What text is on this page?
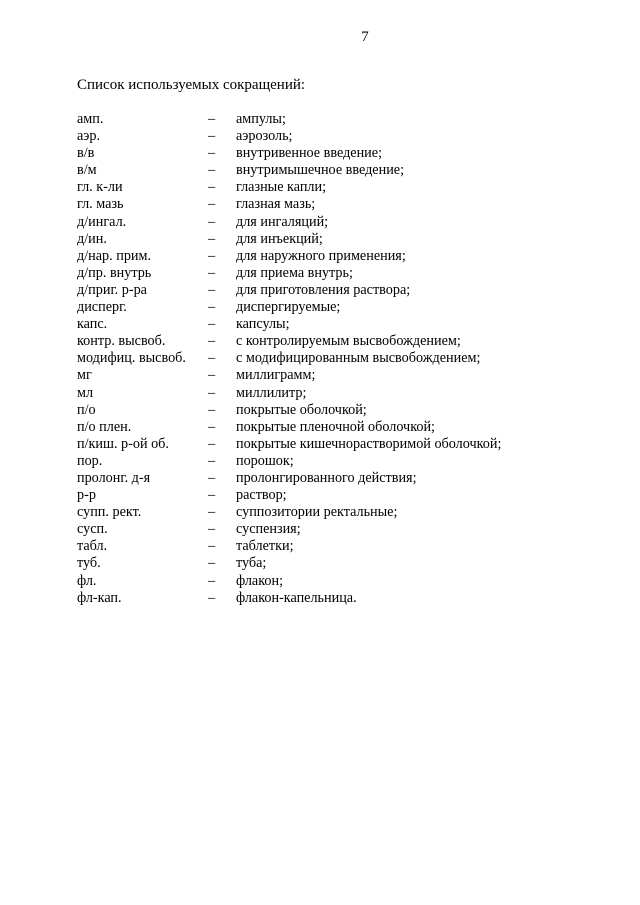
7
Список используемых сокращений:
амп.	– ампулы;
аэр.	– аэрозоль;
в/в	– внутривенное введение;
в/м	– внутримышечное введение;
гл. к-ли	– глазные капли;
гл. мазь	– глазная мазь;
д/ингал.	– для ингаляций;
д/ин.	– для инъекций;
д/нар. прим.	– для наружного применения;
д/пр. внутрь	– для приема внутрь;
д/приг. р-ра	– для приготовления раствора;
дисперг.	– диспергируемые;
капс.	– капсулы;
контр. высвоб.	– с контролируемым высвобождением;
модифиц. высвоб. – с модифицированным высвобождением;
мг	– миллиграмм;
мл	– миллилитр;
п/о	– покрытые оболочкой;
п/о плен.	– покрытые пленочной оболочкой;
п/киш. р-ой об.	– покрытые кишечнорастворимой оболочкой;
пор.	– порошок;
пролонг. д-я	– пролонгированного действия;
р-р	– раствор;
супп. рект.	– суппозитории ректальные;
сусп.	– суспензия;
табл.	– таблетки;
туб.	– туба;
фл.	– флакон;
фл-кап.	– флакон-капельница.
